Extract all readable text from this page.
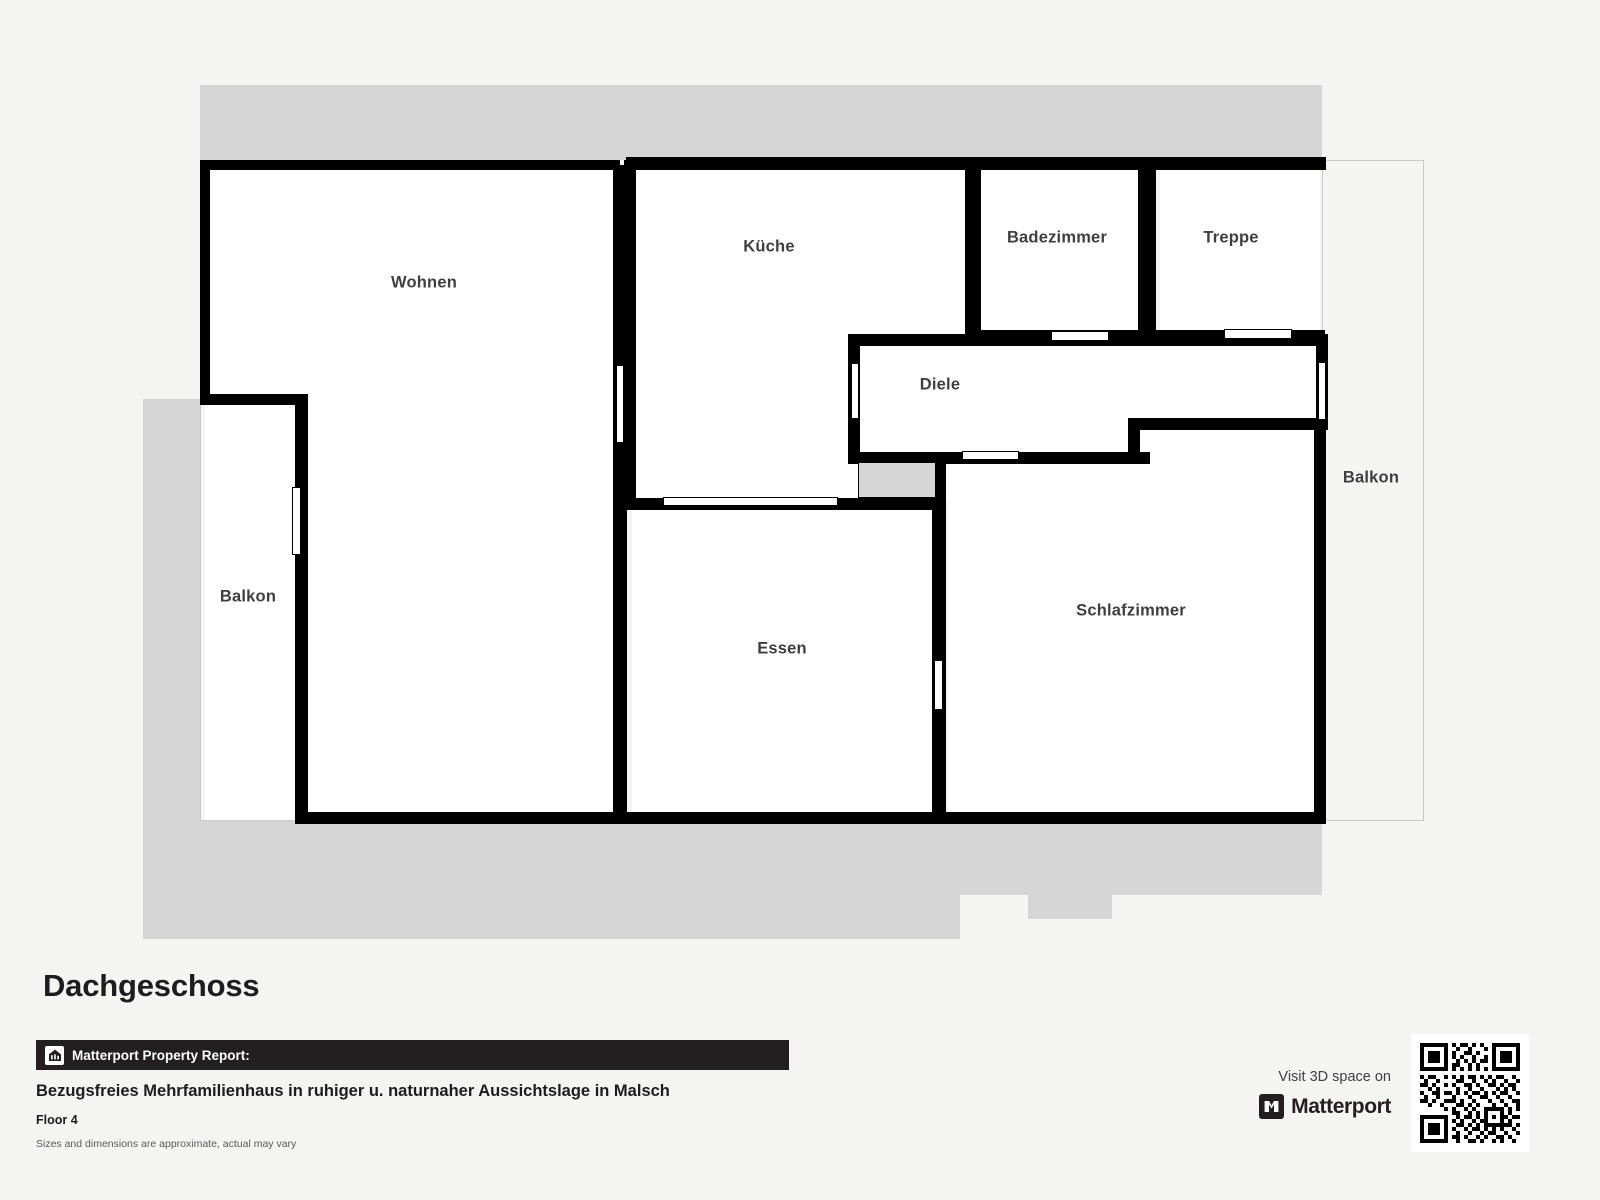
Wohnen
Küche	Badezimmer	Treppe
Diele
Balkon
Balkon
Essen
Schlafzimmer
Dachgeschoss
Matterport Property Report:
Bezugsfreies Mehrfamilienhaus in ruhiger u. naturnaher Aussichtslage in Malsch
Floor 4
Sizes and dimensions are approximate, actual may vary
Visit 3D space on
Matterport
